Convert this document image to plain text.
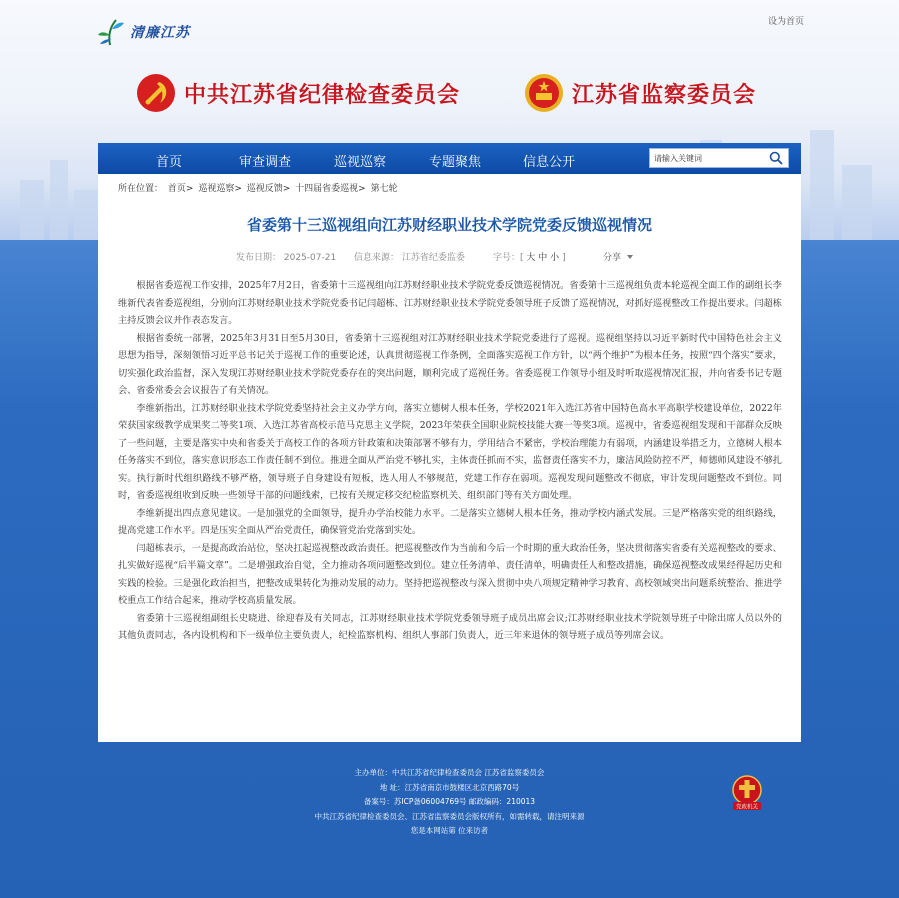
清廉江苏
设为首页
中共江苏省纪律检查委员会	江苏省监察委员会
首页	审查调查	巡视巡察	专题聚焦	信息公开
请输入关键词
所在位置： 首页> 巡视巡察> 巡视反馈> 十四届省委巡视> 第七轮
省委第十三巡视组向江苏财经职业技术学院党委反馈巡视情况
发布日期： 2025-07-21 信息来源： 江苏省纪委监委	字号：[ 大 中 小 ]	分享

根据省委巡视工作安排，2025年7月2日，省委第十三巡视组向江苏财经职业技术学院党委反馈巡视情况。省委第十三巡视组负责本轮巡视全面工作的副组长李维新代表省委巡视组，分别向江苏财经职业技术学院党委书记闫超栋、江苏财经职业技术学院党委领导班子反馈了巡视情况，对抓好巡视整改工作提出要求。闫超栋主持反馈会议并作表态发言。

根据省委统一部署，2025年3月31日至5月30日，省委第十三巡视组对江苏财经职业技术学院党委进行了巡视。巡视组坚持以习近平新时代中国特色社会主义思想为指导，深刻领悟习近平总书记关于巡视工作的重要论述，认真贯彻巡视工作条例，全面落实巡视工作方针，以“两个维护”为根本任务，按照“四个落实”要求，切实强化政治监督，深入发现江苏财经职业技术学院党委存在的突出问题，顺利完成了巡视任务。省委巡视工作领导小组及时听取巡视情况汇报，并向省委书记专题会、省委常委会会议报告了有关情况。

李维新指出，江苏财经职业技术学院党委坚持社会主义办学方向，落实立德树人根本任务，学校2021年入选江苏省中国特色高水平高职学校建设单位，2022年荣获国家级教学成果奖二等奖1项、入选江苏省高校示范马克思主义学院，2023年荣获全国职业院校技能大赛一等奖3项。巡视中，省委巡视组发现和干部群众反映了一些问题，主要是落实中央和省委关于高校工作的各项方针政策和决策部署不够有力，学用结合不紧密，学校治理能力有弱项，内涵建设举措乏力，立德树人根本任务落实不到位，落实意识形态工作责任制不到位。推进全面从严治党不够扎实，主体责任抓而不实，监督责任落实不力，廉洁风险防控不严，师德师风建设不够扎实。执行新时代组织路线不够严格，领导班子自身建设有短板，选人用人不够规范，党建工作存在弱项。巡视发现问题整改不彻底，审计发现问题整改不到位。同时，省委巡视组收到反映一些领导干部的问题线索，已按有关规定移交纪检监察机关、组织部门等有关方面处理。

李维新提出四点意见建议。一是加强党的全面领导，提升办学治校能力水平。二是落实立德树人根本任务，推动学校内涵式发展。三是严格落实党的组织路线，提高党建工作水平。四是压实全面从严治党责任，确保管党治党落到实处。

闫超栋表示，一是提高政治站位，坚决扛起巡视整改政治责任。把巡视整改作为当前和今后一个时期的重大政治任务，坚决贯彻落实省委有关巡视整改的要求、扎实做好巡视“后半篇文章”。二是增强政治自觉，全力推动各项问题整改到位。建立任务清单、责任清单，明确责任人和整改措施，确保巡视整改成果经得起历史和实践的检验。三是强化政治担当，把整改成果转化为推动发展的动力。坚持把巡视整改与深入贯彻中央八项规定精神学习教育、高校领域突出问题系统整治、推进学校重点工作结合起来，推动学校高质量发展。

省委第十三巡视组副组长史晓进、徐迎春及有关同志，江苏财经职业技术学院党委领导班子成员出席会议;江苏财经职业技术学院领导班子中除出席人员以外的其他负责同志，各内设机构和下一级单位主要负责人，纪检监察机构、组织人事部门负责人，近三年来退休的领导班子成员等列席会议。

主办单位：中共江苏省纪律检查委员会 江苏省监察委员会
地 址：江苏省南京市鼓楼区北京西路70号
备案号：苏ICP备06004769号 邮政编码：210013
中共江苏省纪律检查委员会、江苏省监察委员会版权所有，如需转载，请注明来源
您是本网站第 位来访者
党政机关
